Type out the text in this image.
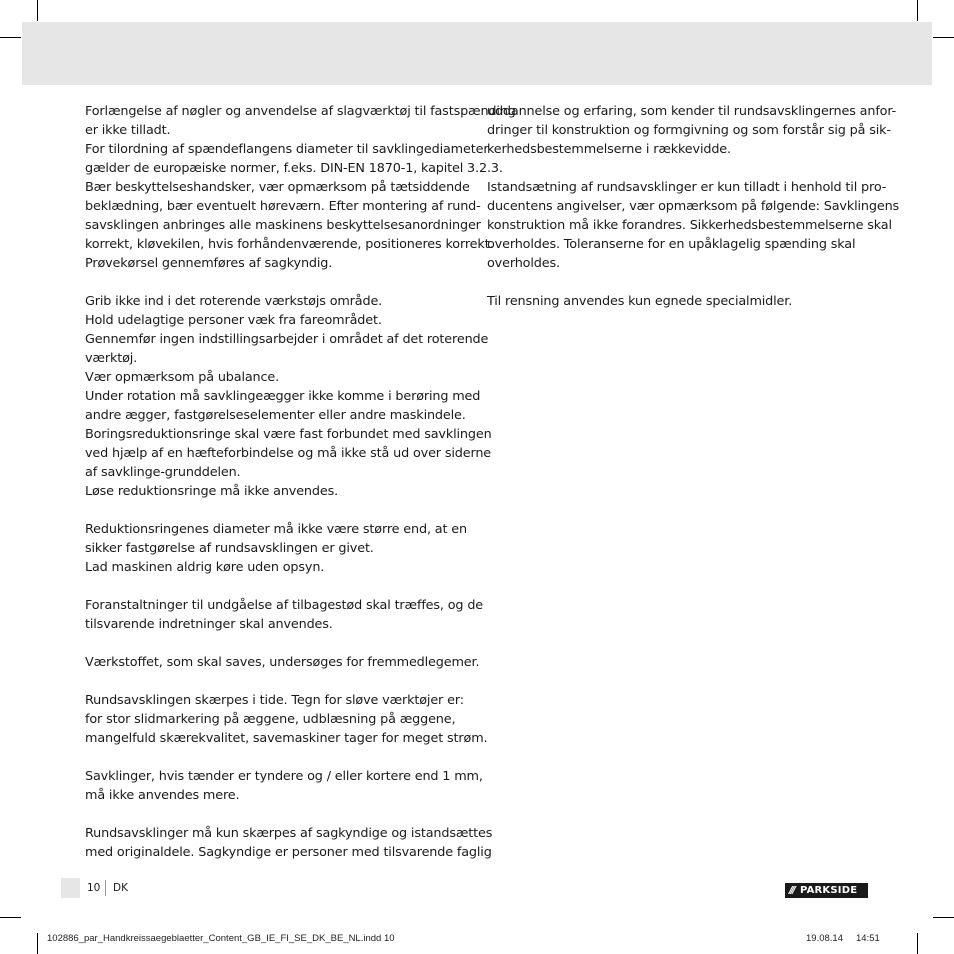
Forlængelse af nøgler og anvendelse af slagværktøj til fastspænding
er ikke tilladt.
For tilordning af spændeflangens diameter til savklingediameter
gælder de europæiske normer, f.eks. DIN-EN 1870-1, kapitel 3.2.3.
Bær beskyttelseshandsker, vær opmærksom på tætsiddende
beklædning, bær eventuelt høreværn. Efter montering af rund-
savsklingen anbringes alle maskinens beskyttelsesanordninger
korrekt, kløvekilen, hvis forhåndenværende, positioneres korrekt.
Prøvekørsel gennemføres af sagkyndig.
Grib ikke ind i det roterende værkstøjs område.
Hold udelagtige personer væk fra fareområdet.
Gennemfør ingen indstillingsarbejder i området af det roterende
værktøj.
Vær opmærksom på ubalance.
Under rotation må savklingeægger ikke komme i berøring med
andre ægger, fastgørelseselementer eller andre maskindele.
Boringsreduktionsringe skal være fast forbundet med savklingen
ved hjælp af en hæfteforbindelse og må ikke stå ud over siderne
af savklinge-grunddelen.
Løse reduktionsringe må ikke anvendes.
Reduktionsringenes diameter må ikke være større end, at en
sikker fastgørelse af rundsavsklingen er givet.
Lad maskinen aldrig køre uden opsyn.
Foranstaltninger til undgåelse af tilbagestød skal træffes, og de
tilsvarende indretninger skal anvendes.
Værkstoffet, som skal saves, undersøges for fremmedlegemer.
Rundsavsklingen skærpes i tide. Tegn for sløve værktøjer er:
for stor slidmarkering på æggene, udblæsning på æggene,
mangelfuld skærekvalitet, savemaskiner tager for meget strøm.
Savklinger, hvis tænder er tyndere og / eller kortere end 1 mm,
må ikke anvendes mere.
Rundsavsklinger må kun skærpes af sagkyndige og istandsættes
med originaldele. Sagkyndige er personer med tilsvarende faglig
uddannelse og erfaring, som kender til rundsavsklingernes anfor-
dringer til konstruktion og formgivning og som forstår sig på sik-
kerhedsbestemmelserne i rækkevidde.
Istandsætning af rundsavsklinger er kun tilladt i henhold til pro-
ducentens angivelser, vær opmærksom på følgende: Savklingens
konstruktion må ikke forandres. Sikkerhedsbestemmelserne skal
overholdes. Toleranserne for en upåklagelig spænding skal
overholdes.
Til rensning anvendes kun egnede specialmidler.
10 DK	/// PARKSIDE
102886_par_Handkreissaegeblaetter_Content_GB_IE_FI_SE_DK_BE_NL.indd 10	19.08.14 14:51
